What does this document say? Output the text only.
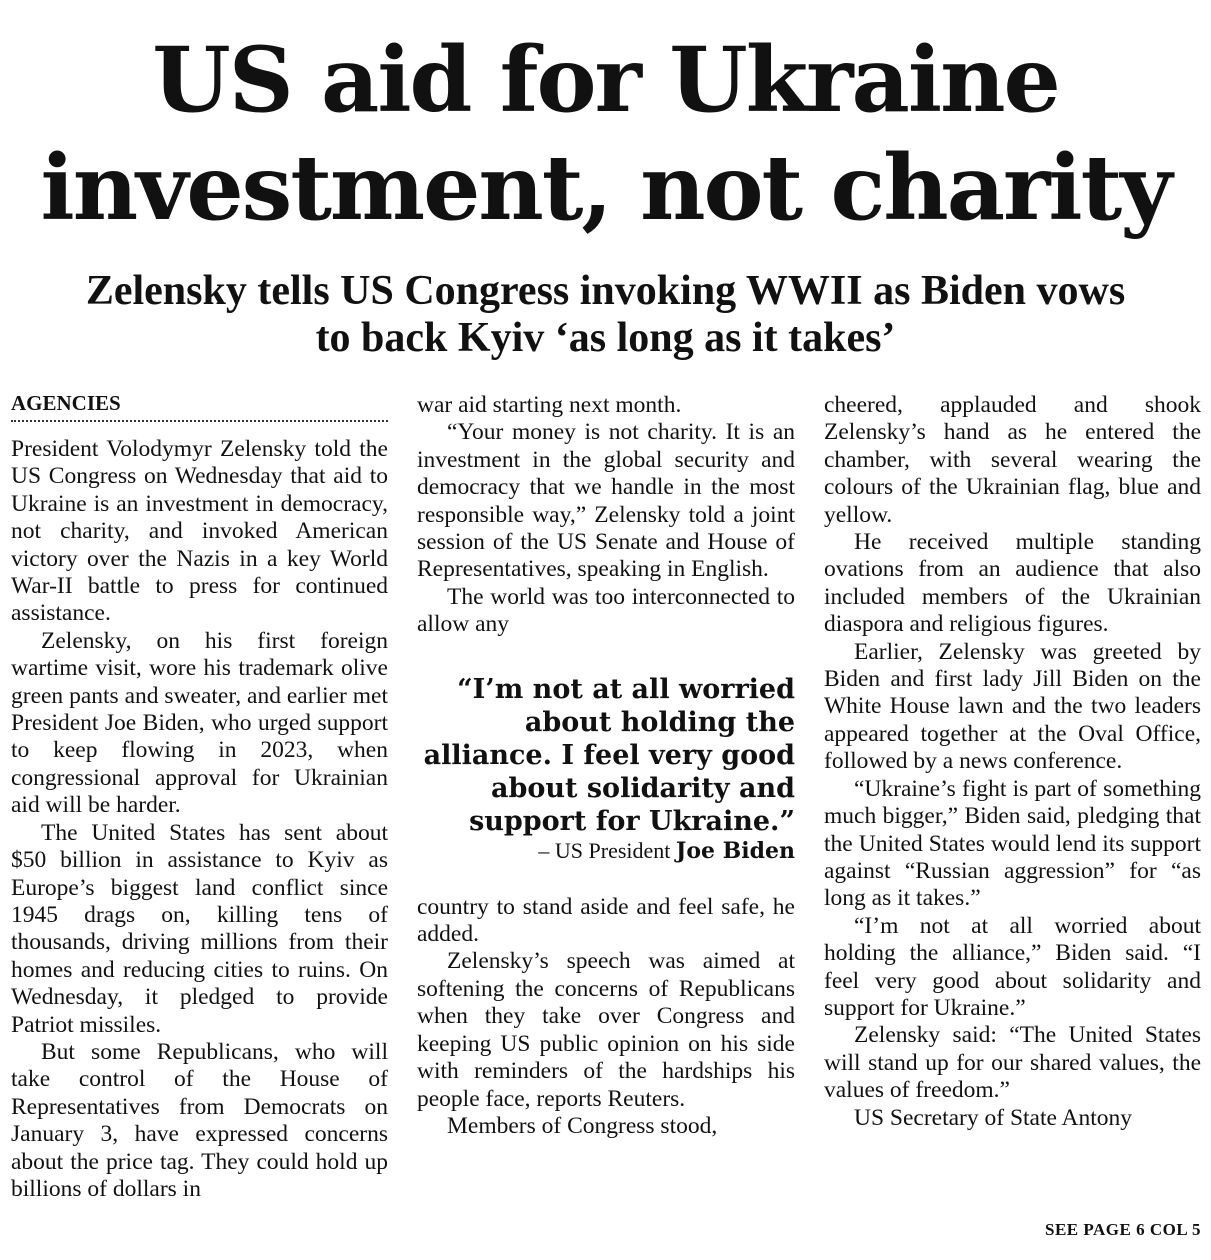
US aid for Ukraine
investment, not charity
Zelensky tells US Congress invoking WWII as Biden vows
to back Kyiv ‘as long as it takes’
AGENCIES

President Volodymyr Zelensky told the US Congress on Wednesday that aid to Ukraine is an investment in democracy, not charity, and invoked American victory over the Nazis in a key World War-II battle to press for continued assistance.

Zelensky, on his first foreign wartime visit, wore his trademark olive green pants and sweater, and earlier met President Joe Biden, who urged support to keep flowing in 2023, when congressional approval for Ukrainian aid will be harder.

The United States has sent about $50 billion in assistance to Kyiv as Europe’s biggest land conflict since 1945 drags on, killing tens of thousands, driving millions from their homes and reducing cities to ruins. On Wednesday, it pledged to provide Patriot missiles.

But some Republicans, who will take control of the House of Representatives from Democrats on January 3, have expressed concerns about the price tag. They could hold up billions of dollars in

war aid starting next month.

“Your money is not charity. It is an investment in the global security and democracy that we handle in the most responsible way,” Zelensky told a joint session of the US Senate and House of Representatives, speaking in English.

The world was too interconnected to allow any

“I’m not at all worried about holding the alliance. I feel very good about solidarity and support for Ukraine.”

– US President Joe Biden

country to stand aside and feel safe, he added.

Zelensky’s speech was aimed at softening the concerns of Republicans when they take over Congress and keeping US public opinion on his side with reminders of the hardships his people face, reports Reuters.

Members of Congress stood,

cheered, applauded and shook Zelensky’s hand as he entered the chamber, with several wearing the colours of the Ukrainian flag, blue and yellow.

He received multiple standing ovations from an audience that also included members of the Ukrainian diaspora and religious figures.

Earlier, Zelensky was greeted by Biden and first lady Jill Biden on the White House lawn and the two leaders appeared together at the Oval Office, followed by a news conference.

“Ukraine’s fight is part of something much bigger,” Biden said, pledging that the United States would lend its support against “Russian aggression” for “as long as it takes.”

“I’m not at all worried about holding the alliance,” Biden said. “I feel very good about solidarity and support for Ukraine.”

Zelensky said: “The United States will stand up for our shared values, the values of freedom.”

US Secretary of State Antony

SEE PAGE 6 COL 5
